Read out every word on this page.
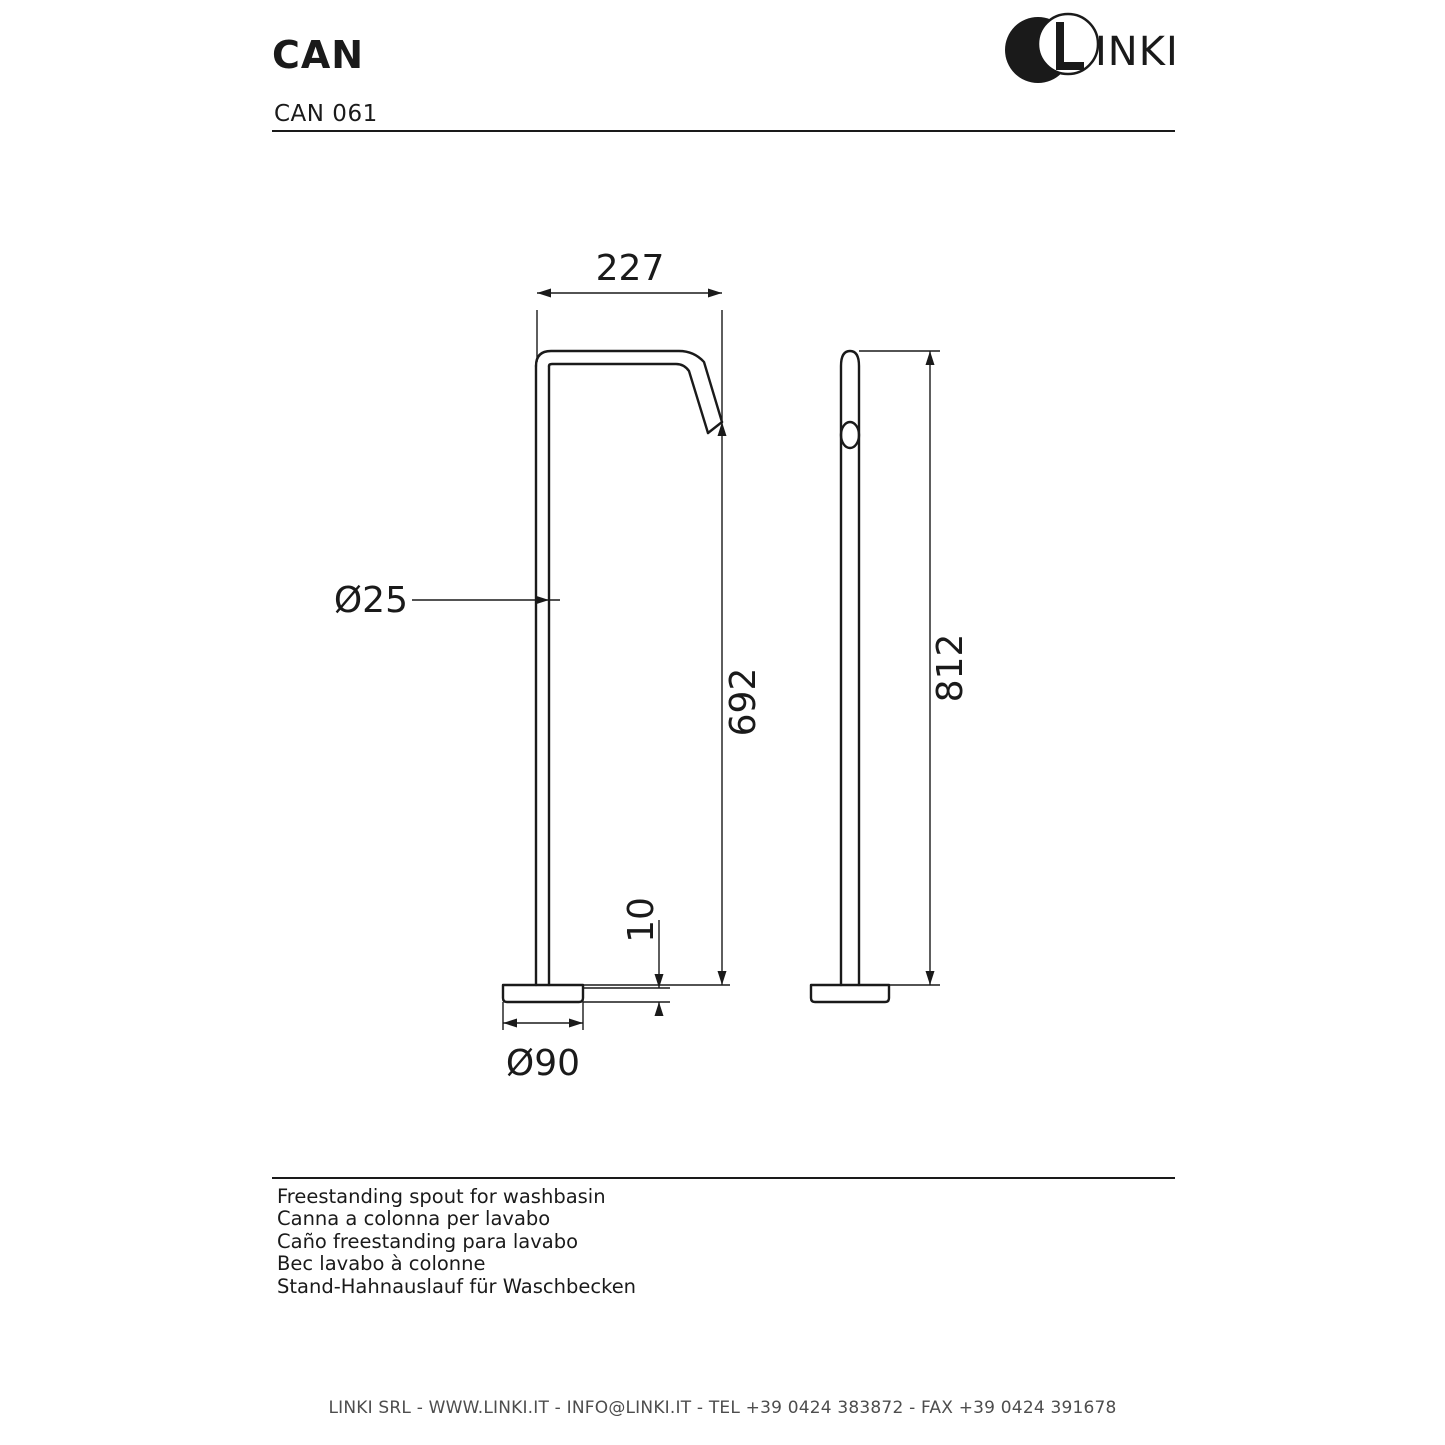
CAN
CAN 061
INKI
227
Ø25
692
10
Ø90
812
Freestanding spout for washbasin
Canna a colonna per lavabo
Caño freestanding para lavabo
Bec lavabo à colonne
Stand-Hahnauslauf für Waschbecken
LINKI SRL - WWW.LINKI.IT - INFO@LINKI.IT - TEL +39 0424 383872 - FAX +39 0424 391678
